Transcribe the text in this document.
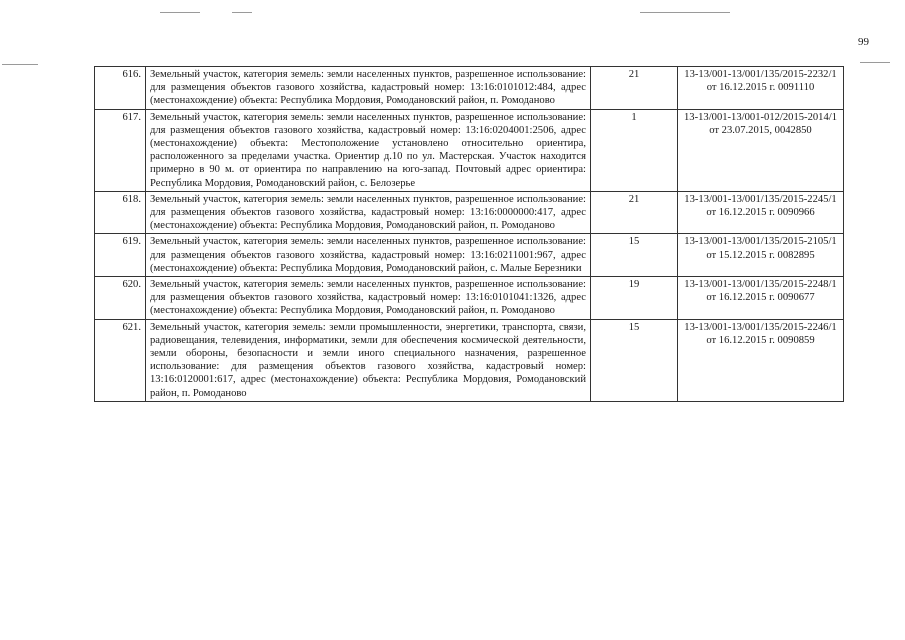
99
616.	Земельный участок, категория земель: земли населенных пунктов, разрешенное использование: для размещения объектов газового хозяйства, кадастровый номер: 13:16:0101012:484, адрес (местонахождение) объекта: Республика Мордовия, Ромодановский район, п. Ромоданово	21	13-13/001-13/001/135/2015-2232/1 от 16.12.2015 г. 0091110
617.	Земельный участок, категория земель: земли населенных пунктов, разрешенное использование: для размещения объектов газового хозяйства, кадастровый номер: 13:16:0204001:2506, адрес (местонахождение) объекта: Местоположение установлено относительно ориентира, расположенного за пределами участка. Ориентир д.10 по ул. Мастерская. Участок находится примерно в 90 м. от ориентира по направлению на юго-запад. Почтовый адрес ориентира: Республика Мордовия, Ромодановский район, с. Белозерье	1	13-13/001-13/001-012/2015-2014/1 от 23.07.2015, 0042850
618.	Земельный участок, категория земель: земли населенных пунктов, разрешенное использование: для размещения объектов газового хозяйства, кадастровый номер: 13:16:0000000:417, адрес (местонахождение) объекта: Республика Мордовия, Ромодановский район, п. Ромоданово	21	13-13/001-13/001/135/2015-2245/1 от 16.12.2015 г. 0090966
619.	Земельный участок, категория земель: земли населенных пунктов, разрешенное использование: для размещения объектов газового хозяйства, кадастровый номер: 13:16:0211001:967, адрес (местонахождение) объекта: Республика Мордовия, Ромодановский район, с. Малые Березники	15	13-13/001-13/001/135/2015-2105/1 от 15.12.2015 г. 0082895
620.	Земельный участок, категория земель: земли населенных пунктов, разрешенное использование: для размещения объектов газового хозяйства, кадастровый номер: 13:16:0101041:1326, адрес (местонахождение) объекта: Республика Мордовия, Ромодановский район, п. Ромоданово	19	13-13/001-13/001/135/2015-2248/1 от 16.12.2015 г. 0090677
621.	Земельный участок, категория земель: земли промышленности, энергетики, транспорта, связи, радиовещания, телевидения, информатики, земли для обеспечения космической деятельности, земли обороны, безопасности и земли иного специального назначения, разрешенное использование: для размещения объектов газового хозяйства, кадастровый номер: 13:16:0120001:617, адрес (местонахождение) объекта: Республика Мордовия, Ромодановский район, п. Ромоданово	15	13-13/001-13/001/135/2015-2246/1 от 16.12.2015 г. 0090859
